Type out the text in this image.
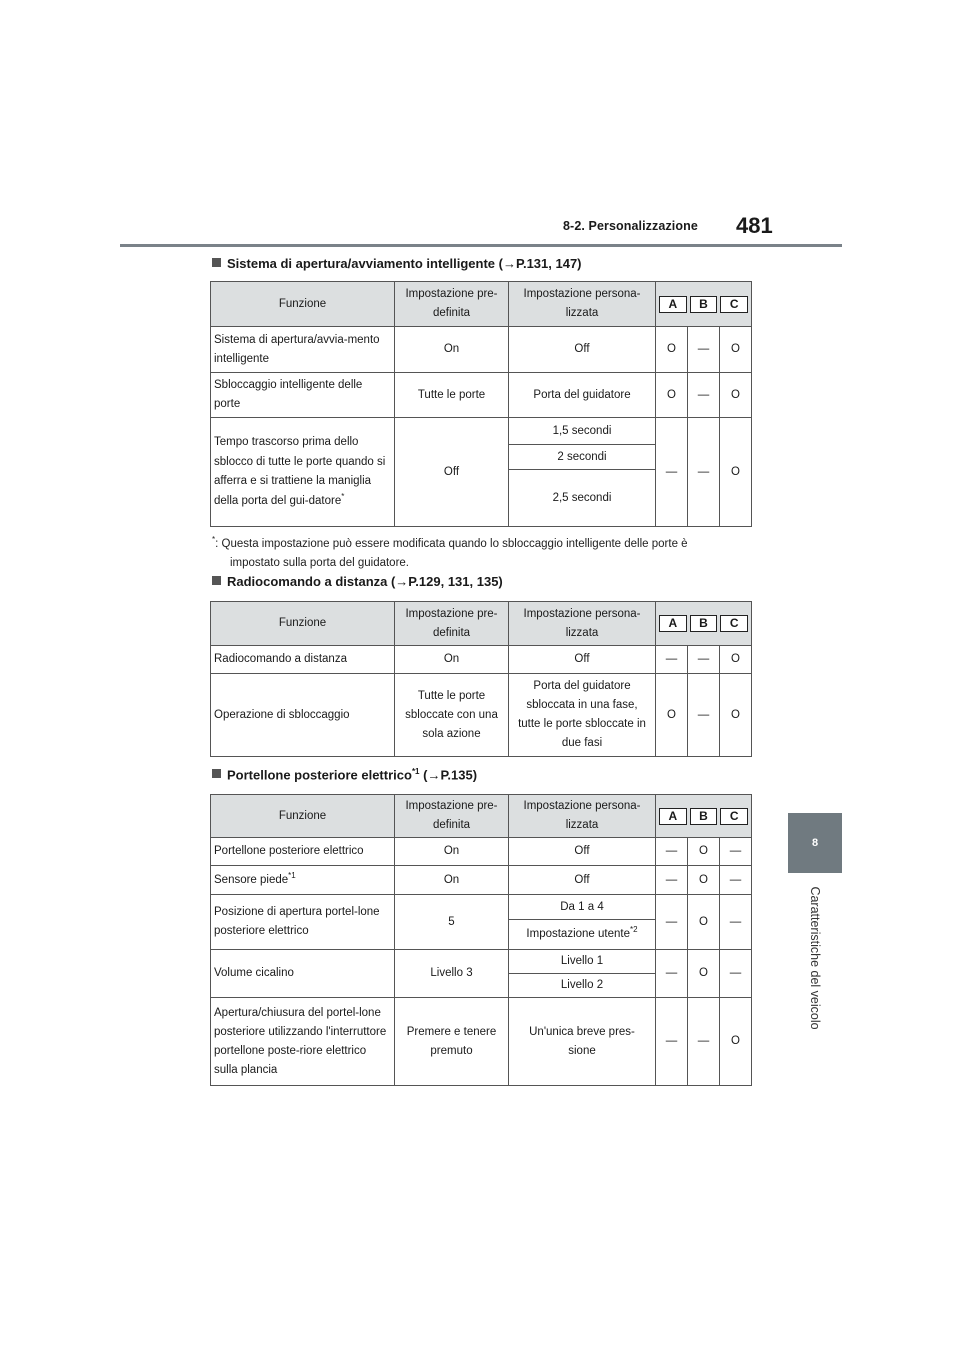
8-2. Personalizzazione 481
8
Caratteristiche del veicolo
Sistema di apertura/avviamento intelligente (→P.131, 147)
Funzione	Impostazione pre-definita	Impostazione persona-lizzata	A B C		

Sistema di apertura/avvia-mento intelligente	On	Off	O	—	O
Sbloccaggio intelligente delle porte	Tutte le porte	Porta del guidatore	O	—	O
Tempo trascorso prima dello sblocco di tutte le porte quando si afferra e si trattiene la maniglia della porta del gui-datore*	Off	1,5 secondi	—	—	O
		2 secondi			
		2,5 secondi			
*: Questa impostazione può essere modificata quando lo sbloccaggio intelligente delle porte è
impostato sulla porta del guidatore.
Radiocomando a distanza (→P.129, 131, 135)
Funzione	Impostazione pre-definita	Impostazione persona-lizzata	A B C		

Radiocomando a distanza	On	Off	—	—	O
Operazione di sbloccaggio	Tutte le porte sbloccate con una sola azione	Porta del guidatore sbloccata in una fase, tutte le porte sbloccate in due fasi	O	—	O
Portellone posteriore elettrico$^{*1}$ (→P.135)
Funzione	Impostazione pre-definita	Impostazione persona-lizzata	A B C		

Portellone posteriore elettrico	On	Off	—	O	—
Sensore piede$^{*1}$	On	Off	—	O	—
Posizione di apertura portel-lone posteriore elettrico	5	Da 1 a 4	—	O	—
		Impostazione utente$^{*2}$
Volume cicalino	Livello 3	Livello 1	—	O	—
		Livello 2			
Apertura/chiusura del portel-lone posteriore utilizzando l'interruttore portellone poste-riore elettrico sulla plancia	Premere e tenere premuto	Un'unica breve pres-sione	—	—	O
